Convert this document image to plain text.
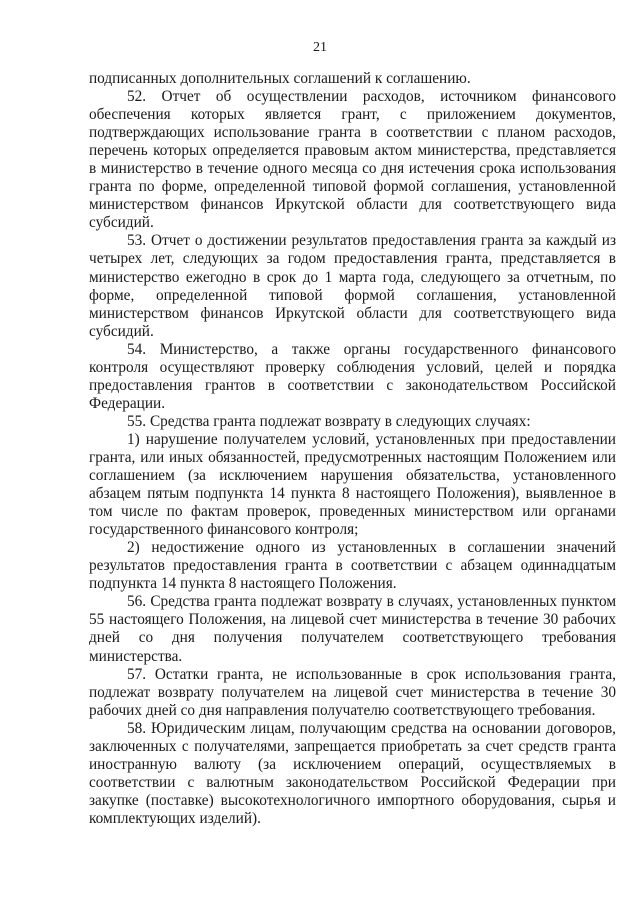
21

подписанных дополнительных соглашений к соглашению.

52. Отчет об осуществлении расходов, источником финансового обеспечения которых является грант, с приложением документов, подтверждающих использование гранта в соответствии с планом расходов, перечень которых определяется правовым актом министерства, представляется в министерство в течение одного месяца со дня истечения срока использования гранта по форме, определенной типовой формой соглашения, установленной министерством финансов Иркутской области для соответствующего вида субсидий.

53. Отчет о достижении результатов предоставления гранта за каждый из четырех лет, следующих за годом предоставления гранта, представляется в министерство ежегодно в срок до 1 марта года, следующего за отчетным, по форме, определенной типовой формой соглашения, установленной министерством финансов Иркутской области для соответствующего вида субсидий.

54. Министерство, а также органы государственного финансового контроля осуществляют проверку соблюдения условий, целей и порядка предоставления грантов в соответствии с законодательством Российской Федерации.

55. Средства гранта подлежат возврату в следующих случаях:

1) нарушение получателем условий, установленных при предоставлении гранта, или иных обязанностей, предусмотренных настоящим Положением или соглашением (за исключением нарушения обязательства, установленного абзацем пятым подпункта 14 пункта 8 настоящего Положения), выявленное в том числе по фактам проверок, проведенных министерством или органами государственного финансового контроля;

2) недостижение одного из установленных в соглашении значений результатов предоставления гранта в соответствии с абзацем одиннадцатым подпункта 14 пункта 8 настоящего Положения.

56. Средства гранта подлежат возврату в случаях, установленных пунктом 55 настоящего Положения, на лицевой счет министерства в течение 30 рабочих дней со дня получения получателем соответствующего требования министерства.

57. Остатки гранта, не использованные в срок использования гранта, подлежат возврату получателем на лицевой счет министерства в течение 30 рабочих дней со дня направления получателю соответствующего требования.

58. Юридическим лицам, получающим средства на основании договоров, заключенных с получателями, запрещается приобретать за счет средств гранта иностранную валюту (за исключением операций, осуществляемых в соответствии с валютным законодательством Российской Федерации при закупке (поставке) высокотехнологичного импортного оборудования, сырья и комплектующих изделий).
